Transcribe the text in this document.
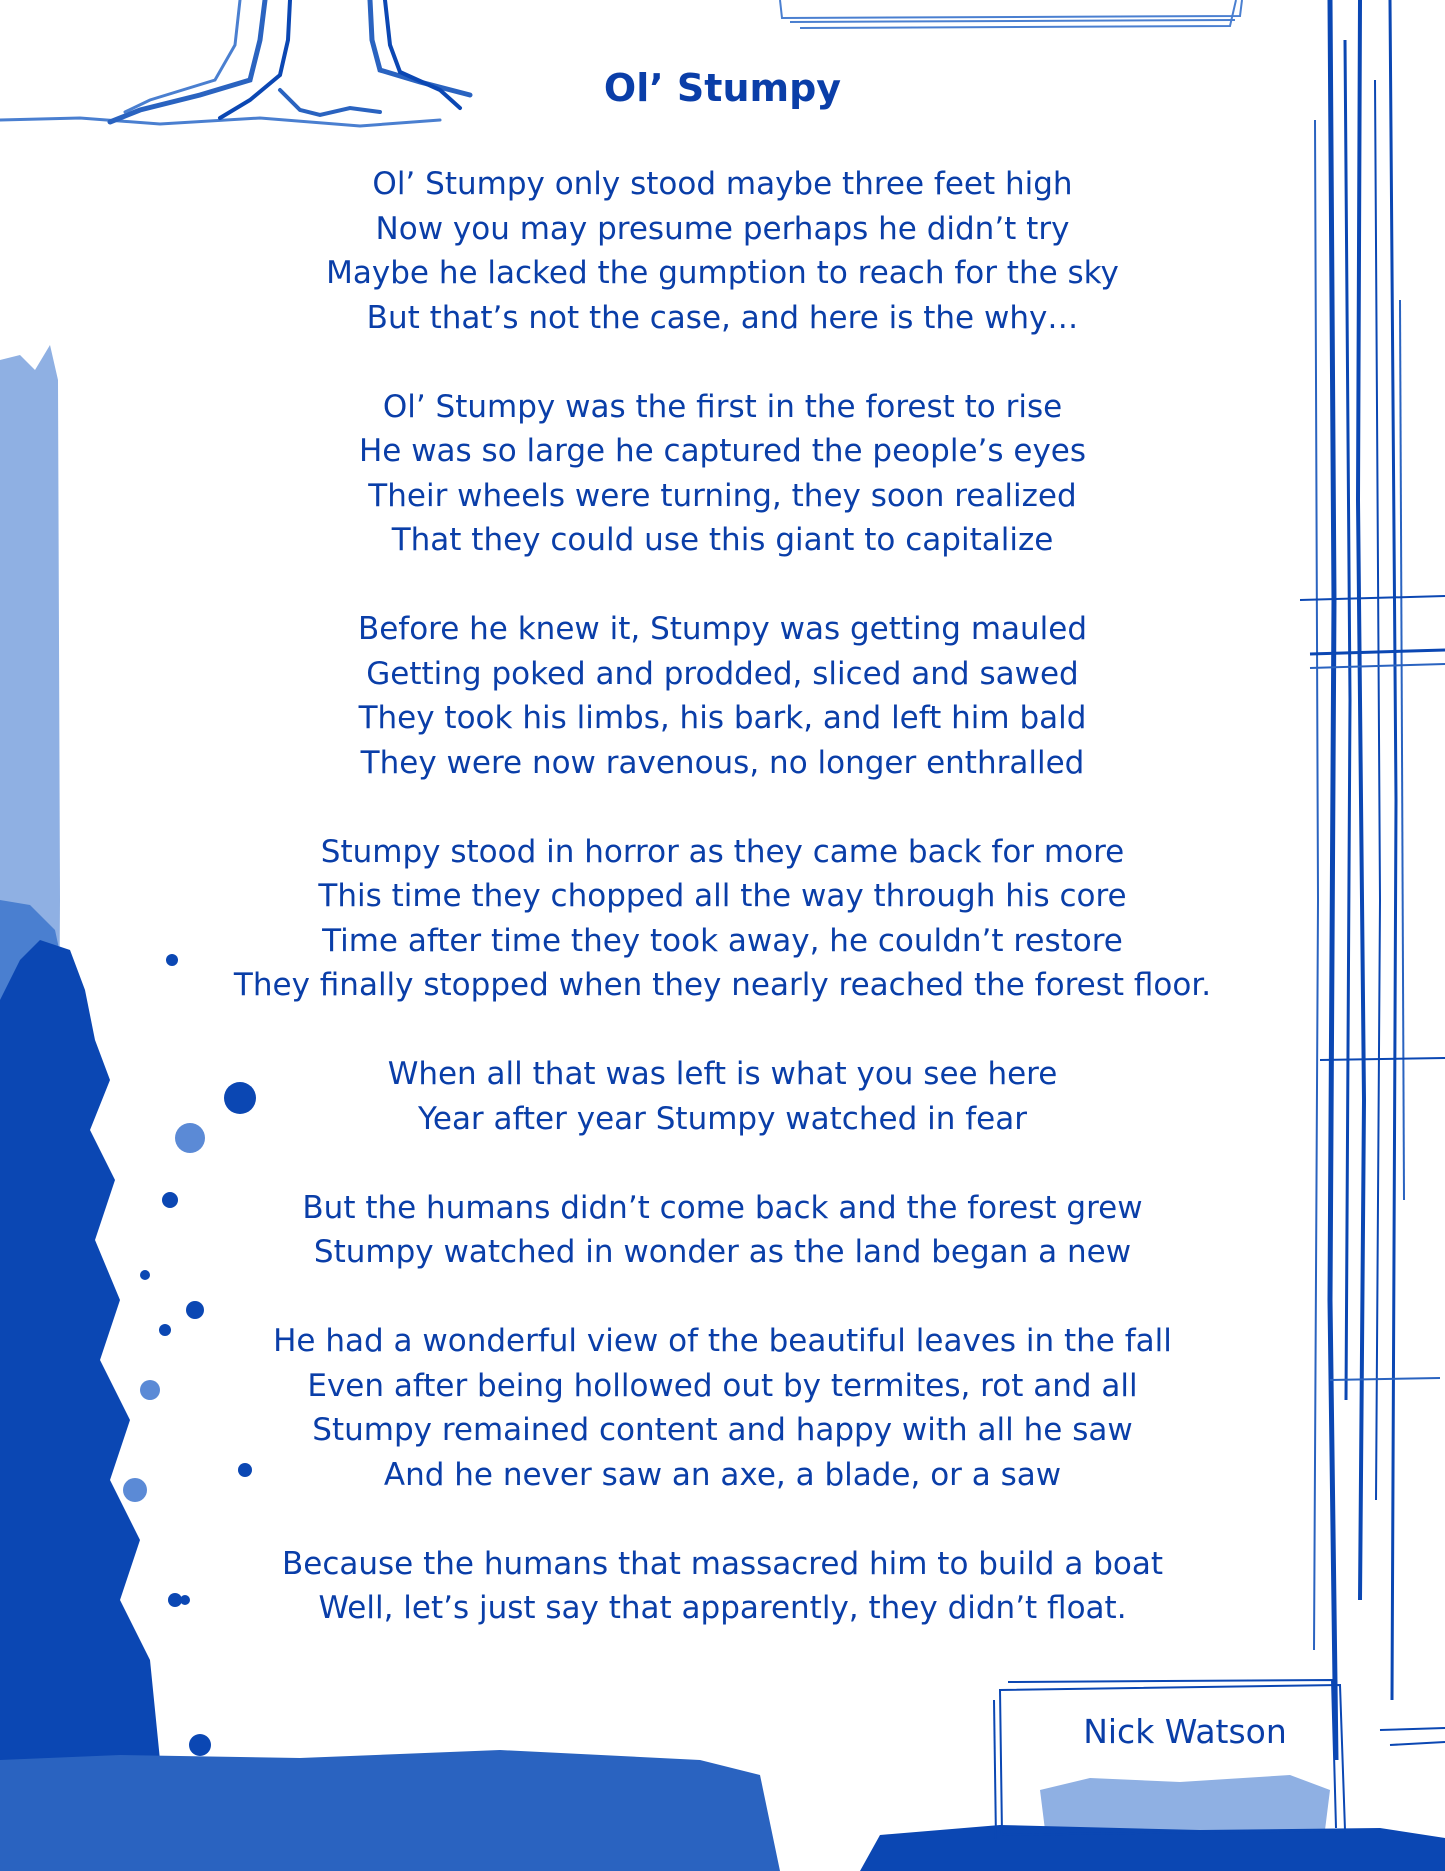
Ol’ Stumpy
Ol’ Stumpy only stood maybe three feet high
Now you may presume perhaps he didn’t try
Maybe he lacked the gumption to reach for the sky
But that’s not the case, and here is the why…
Ol’ Stumpy was the first in the forest to rise
He was so large he captured the people’s eyes
Their wheels were turning, they soon realized
That they could use this giant to capitalize
Before he knew it, Stumpy was getting mauled
Getting poked and prodded, sliced and sawed
They took his limbs, his bark, and left him bald
They were now ravenous, no longer enthralled
Stumpy stood in horror as they came back for more
This time they chopped all the way through his core
Time after time they took away, he couldn’t restore
They finally stopped when they nearly reached the forest floor.
When all that was left is what you see here
Year after year Stumpy watched in fear
But the humans didn’t come back and the forest grew
Stumpy watched in wonder as the land began a new
He had a wonderful view of the beautiful leaves in the fall
Even after being hollowed out by termites, rot and all
Stumpy remained content and happy with all he saw
And he never saw an axe, a blade, or a saw
Because the humans that massacred him to build a boat
Well, let’s just say that apparently, they didn’t float.
Nick Watson
